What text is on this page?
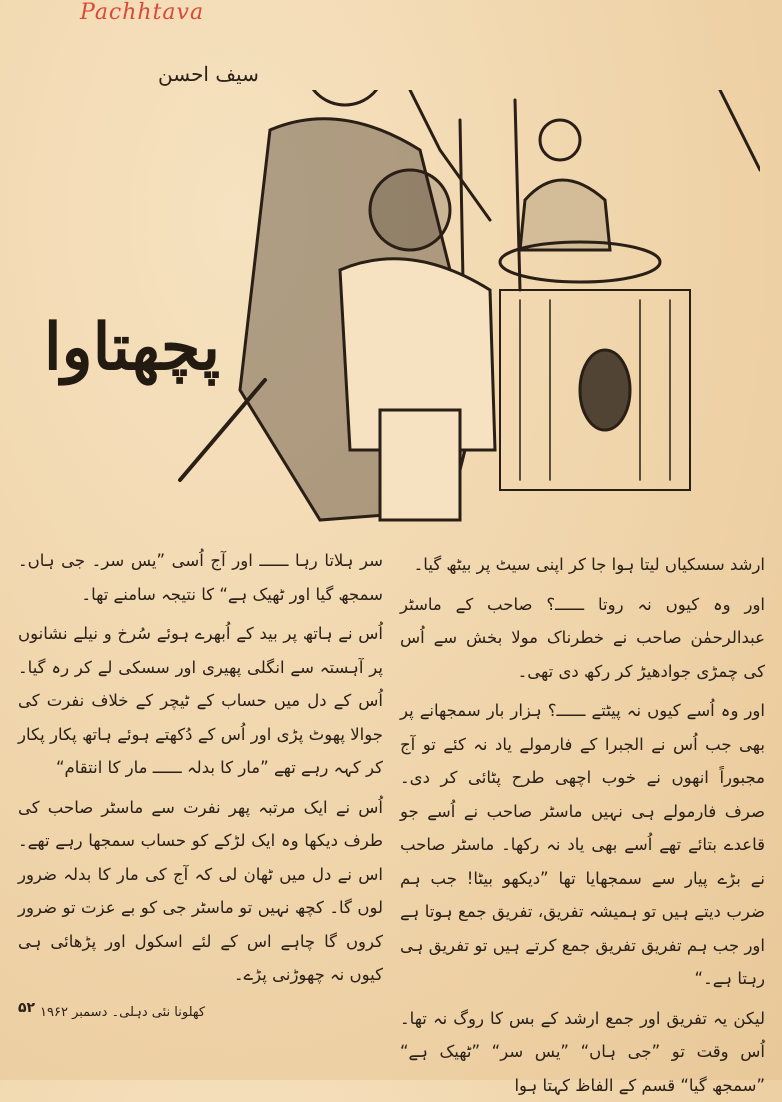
Pachhtava
سیف احسن
پچھتاوا

ارشد سسکیاں لیتا ہوا جا کر اپنی سیٹ پر بیٹھ گیا۔

اور وہ کیوں نہ روتا ــــــ؟ صاحب کے ماسٹر عبدالرحمٰن صاحب نے خطرناک مولا بخش سے اُس کی چمڑی جوادھیڑ کر رکھ دی تھی۔

اور وہ اُسے کیوں نہ پیٹتے ــــــ؟ ہزار بار سمجھانے پر بھی جب اُس نے الجبرا کے فارمولے یاد نہ کئے تو آج مجبوراً انھوں نے خوب اچھی طرح پٹائی کر دی۔ صرف فارمولے ہی نہیں ماسٹر صاحب نے اُسے جو قاعدے بتائے تھے اُسے بھی یاد نہ رکھا۔ ماسٹر صاحب نے بڑے پیار سے سمجھایا تھا ”دیکھو بیٹا! جب ہم ضرب دیتے ہیں تو ہمیشہ تفریق، تفریق جمع ہوتا ہے اور جب ہم تفریق تفریق جمع کرتے ہیں تو تفریق ہی رہتا ہے۔“

لیکن یہ تفریق اور جمع ارشد کے بس کا روگ نہ تھا۔ اُس وقت تو ”جی ہاں“ ”یس سر“ ”ٹھیک ہے“ ”سمجھ گیا“ قسم کے الفاظ کہتا ہوا

سر ہلاتا رہا ــــــ اور آج اُسی ”یس سر۔ جی ہاں۔ سمجھ گیا اور ٹھیک ہے“ کا نتیجہ سامنے تھا۔

اُس نے ہاتھ پر بید کے اُبھرے ہوئے سُرخ و نیلے نشانوں پر آہستہ سے انگلی پھیری اور سسکی لے کر رہ گیا۔ اُس کے دل میں حساب کے ٹیچر کے خلاف نفرت کی جوالا پھوٹ پڑی اور اُس کے دُکھتے ہوئے ہاتھ پکار پکار کر کہہ رہے تھے ”مار کا بدلہ ــــــ مار کا انتقام“

اُس نے ایک مرتبہ پھر نفرت سے ماسٹر صاحب کی طرف دیکھا وہ ایک لڑکے کو حساب سمجھا رہے تھے۔ اس نے دل میں ٹھان لی کہ آج کی مار کا بدلہ ضرور لوں گا۔ کچھ نہیں تو ماسٹر جی کو بے عزت تو ضرور کروں گا چاہے اس کے لئے اسکول اور پڑھائی ہی کیوں نہ چھوڑنی پڑے۔

کھلونا نئی دہلی۔ دسمبر ۱۹۶۲
۵۲
